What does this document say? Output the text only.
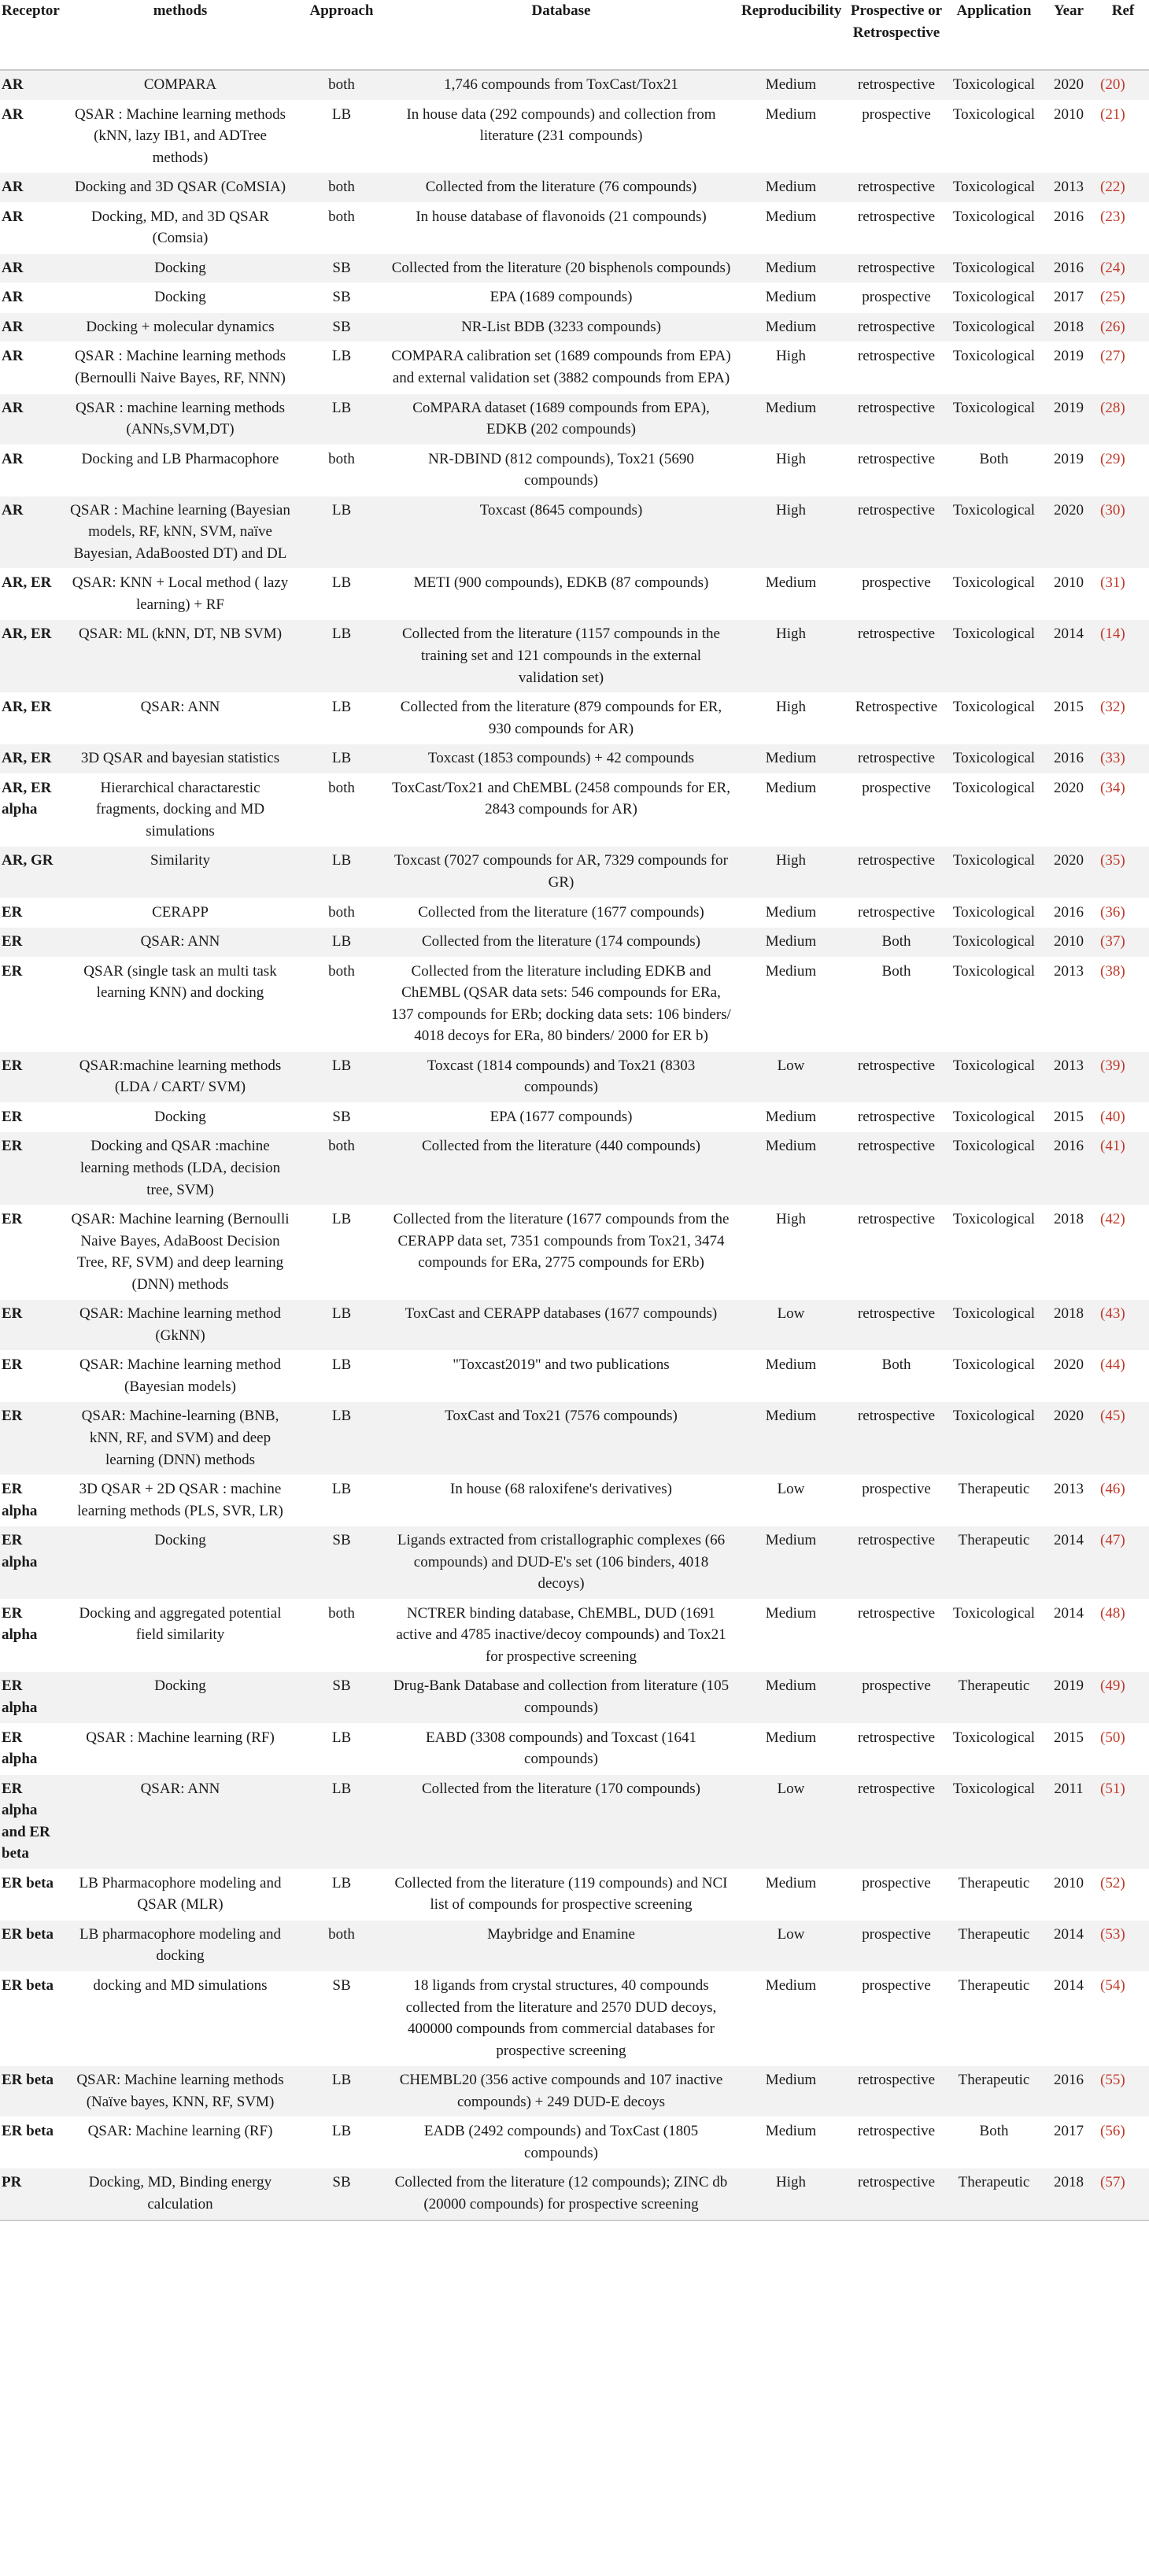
Receptor	methods	Approach	Database	Reproducibility	Prospective or Retrospective	Application	Year	Ref
AR	COMPARA	both	1,746 compounds from ToxCast/Tox21	Medium	retrospective	Toxicological	2020	(20)
AR	QSAR : Machine learning methods (kNN, lazy IB1, and ADTree methods)	LB	In house data (292 compounds) and collection from literature (231 compounds)	Medium	prospective	Toxicological	2010	(21)
AR	Docking and 3D QSAR (CoMSIA)	both	Collected from the literature (76 compounds)	Medium	retrospective	Toxicological	2013	(22)
AR	Docking, MD, and 3D QSAR (Comsia)	both	In house database of flavonoids (21 compounds)	Medium	retrospective	Toxicological	2016	(23)
AR	Docking	SB	Collected from the literature (20 bisphenols compounds)	Medium	retrospective	Toxicological	2016	(24)
AR	Docking	SB	EPA (1689 compounds)	Medium	prospective	Toxicological	2017	(25)
AR	Docking + molecular dynamics	SB	NR-List BDB (3233 compounds)	Medium	retrospective	Toxicological	2018	(26)
AR	QSAR : Machine learning methods (Bernoulli Naive Bayes, RF, NNN)	LB	COMPARA calibration set (1689 compounds from EPA) and external validation set (3882 compounds from EPA)	High	retrospective	Toxicological	2019	(27)
AR	QSAR : machine learning methods (ANNs,SVM,DT)	LB	CoMPARA dataset (1689 compounds from EPA), EDKB (202 compounds)	Medium	retrospective	Toxicological	2019	(28)
AR	Docking and LB Pharmacophore	both	NR-DBIND (812 compounds), Tox21 (5690 compounds)	High	retrospective	Both	2019	(29)
AR	QSAR : Machine learning (Bayesian models, RF, kNN, SVM, naïve Bayesian, AdaBoosted DT) and DL	LB	Toxcast (8645 compounds)	High	retrospective	Toxicological	2020	(30)
AR, ER	QSAR: KNN + Local method ( lazy learning) + RF	LB	METI (900 compounds), EDKB (87 compounds)	Medium	prospective	Toxicological	2010	(31)
AR, ER	QSAR: ML (kNN, DT, NB SVM)	LB	Collected from the literature (1157 compounds in the training set and 121 compounds in the external validation set)	High	retrospective	Toxicological	2014	(14)
AR, ER	QSAR: ANN	LB	Collected from the literature (879 compounds for ER, 930 compounds for AR)	High	Retrospective	Toxicological	2015	(32)
AR, ER	3D QSAR and bayesian statistics	LB	Toxcast (1853 compounds) + 42 compounds	Medium	retrospective	Toxicological	2016	(33)
AR, ER alpha	Hierarchical charactarestic fragments, docking and MD simulations	both	ToxCast/Tox21 and ChEMBL (2458 compounds for ER, 2843 compounds for AR)	Medium	prospective	Toxicological	2020	(34)
AR, GR	Similarity	LB	Toxcast (7027 compounds for AR, 7329 compounds for GR)	High	retrospective	Toxicological	2020	(35)
ER	CERAPP	both	Collected from the literature (1677 compounds)	Medium	retrospective	Toxicological	2016	(36)
ER	QSAR: ANN	LB	Collected from the literature (174 compounds)	Medium	Both	Toxicological	2010	(37)
ER	QSAR (single task an multi task learning KNN) and docking	both	Collected from the literature including EDKB and ChEMBL (QSAR data sets: 546 compounds for ERa, 137 compounds for ERb; docking data sets: 106 binders/ 4018 decoys for ERa, 80 binders/ 2000 for ER b)	Medium	Both	Toxicological	2013	(38)
ER	QSAR:machine learning methods (LDA / CART/ SVM)	LB	Toxcast (1814 compounds) and Tox21 (8303 compounds)	Low	retrospective	Toxicological	2013	(39)
ER	Docking	SB	EPA (1677 compounds)	Medium	retrospective	Toxicological	2015	(40)
ER	Docking and QSAR :machine learning methods (LDA, decision tree, SVM)	both	Collected from the literature (440 compounds)	Medium	retrospective	Toxicological	2016	(41)
ER	QSAR: Machine learning (Bernoulli Naive Bayes, AdaBoost Decision Tree, RF, SVM) and deep learning (DNN) methods	LB	Collected from the literature (1677 compounds from the CERAPP data set, 7351 compounds from Tox21, 3474 compounds for ERa, 2775 compounds for ERb)	High	retrospective	Toxicological	2018	(42)
ER	QSAR: Machine learning method (GkNN)	LB	ToxCast and CERAPP databases (1677 compounds)	Low	retrospective	Toxicological	2018	(43)
ER	QSAR: Machine learning method (Bayesian models)	LB	"Toxcast2019" and two publications	Medium	Both	Toxicological	2020	(44)
ER	QSAR: Machine-learning (BNB, kNN, RF, and SVM) and deep learning (DNN) methods	LB	ToxCast and Tox21 (7576 compounds)	Medium	retrospective	Toxicological	2020	(45)
ER alpha	3D QSAR + 2D QSAR : machine learning methods (PLS, SVR, LR)	LB	In house (68 raloxifene's derivatives)	Low	prospective	Therapeutic	2013	(46)
ER alpha	Docking	SB	Ligands extracted from cristallographic complexes (66 compounds) and DUD-E's set (106 binders, 4018 decoys)	Medium	retrospective	Therapeutic	2014	(47)
ER alpha	Docking and aggregated potential field similarity	both	NCTRER binding database, ChEMBL, DUD (1691 active and 4785 inactive/decoy compounds) and Tox21 for prospective screening	Medium	retrospective	Toxicological	2014	(48)
ER alpha	Docking	SB	Drug-Bank Database and collection from literature (105 compounds)	Medium	prospective	Therapeutic	2019	(49)
ER alpha	QSAR : Machine learning (RF)	LB	EABD (3308 compounds) and Toxcast (1641 compounds)	Medium	retrospective	Toxicological	2015	(50)
ER alpha and ER beta	QSAR: ANN	LB	Collected from the literature (170 compounds)	Low	retrospective	Toxicological	2011	(51)
ER beta	LB Pharmacophore modeling and QSAR (MLR)	LB	Collected from the literature (119 compounds) and NCI list of compounds for prospective screening	Medium	prospective	Therapeutic	2010	(52)
ER beta	LB pharmacophore modeling and docking	both	Maybridge and Enamine	Low	prospective	Therapeutic	2014	(53)
ER beta	docking and MD simulations	SB	18 ligands from crystal structures, 40 compounds collected from the literature and 2570 DUD decoys, 400000 compounds from commercial databases for prospective screening	Medium	prospective	Therapeutic	2014	(54)
ER beta	QSAR: Machine learning methods (Naïve bayes, KNN, RF, SVM)	LB	CHEMBL20 (356 active compounds and 107 inactive compounds) + 249 DUD-E decoys	Medium	retrospective	Therapeutic	2016	(55)
ER beta	QSAR: Machine learning (RF)	LB	EADB (2492 compounds) and ToxCast (1805 compounds)	Medium	retrospective	Both	2017	(56)
PR	Docking, MD, Binding energy calculation	SB	Collected from the literature (12 compounds); ZINC db (20000 compounds) for prospective screening	High	retrospective	Therapeutic	2018	(57)
